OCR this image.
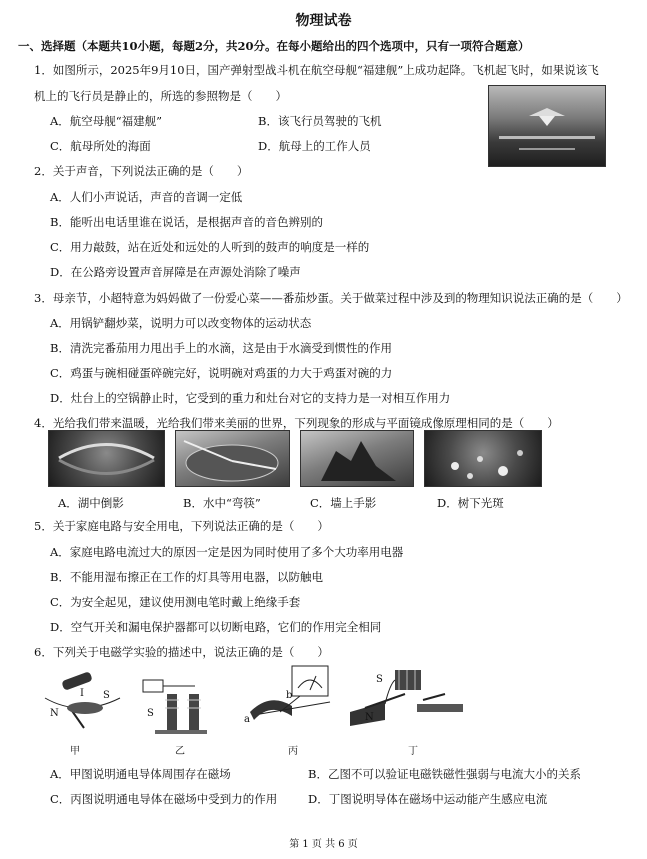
物理试卷
一、选择题（本题共10小题，每题2分，共20分。在每小题给出的四个选项中，只有一项符合题意）
1．如图所示，2025年9月10日，国产弹射型战斗机在航空母舰“福建舰”上成功起降。飞机起飞时，如果说该飞
机上的飞行员是静止的，所选的参照物是（　　）
A．航空母舰“福建舰”	B．该飞行员驾驶的飞机
C．航母所处的海面	D．航母上的工作人员
2．关于声音，下列说法正确的是（　　）
A．人们小声说话，声音的音调一定低
B．能听出电话里谁在说话，是根据声音的音色辨别的
C．用力敲鼓，站在近处和远处的人听到的鼓声的响度是一样的
D．在公路旁设置声音屏障是在声源处消除了噪声
3．母亲节，小超特意为妈妈做了一份爱心菜——番茄炒蛋。关于做菜过程中涉及到的物理知识说法正确的是（　　）
A．用锅铲翻炒菜，说明力可以改变物体的运动状态
B．清洗完番茄用力甩出手上的水滴，这是由于水滴受到惯性的作用
C．鸡蛋与碗相碰蛋碎碗完好，说明碗对鸡蛋的力大于鸡蛋对碗的力
D．灶台上的空锅静止时，它受到的重力和灶台对它的支持力是一对相互作用力
4．光给我们带来温暖，光给我们带来美丽的世界，下列现象的形成与平面镜成像原理相同的是（　　）
A．湖中倒影	B．水中“弯筷”	C．墙上手影	D．树下光斑
5．关于家庭电路与安全用电，下列说法正确的是（　　）
A．家庭电路电流过大的原因一定是因为同时使用了多个大功率用电器
B．不能用湿布擦正在工作的灯具等用电器，以防触电
C．为安全起见，建议使用测电笔时戴上绝缘手套
D．空气开关和漏电保护器都可以切断电路，它们的作用完全相同
6．下列关于电磁学实验的描述中，说法正确的是（　　）
N
S
I
S
a
b
N
S
甲	乙	丙	丁
A．甲图说明通电导体周围存在磁场	B．乙图不可以验证电磁铁磁性强弱与电流大小的关系
C．丙图说明通电导体在磁场中受到力的作用	D．丁图说明导体在磁场中运动能产生感应电流
第 1 页 共 6 页
